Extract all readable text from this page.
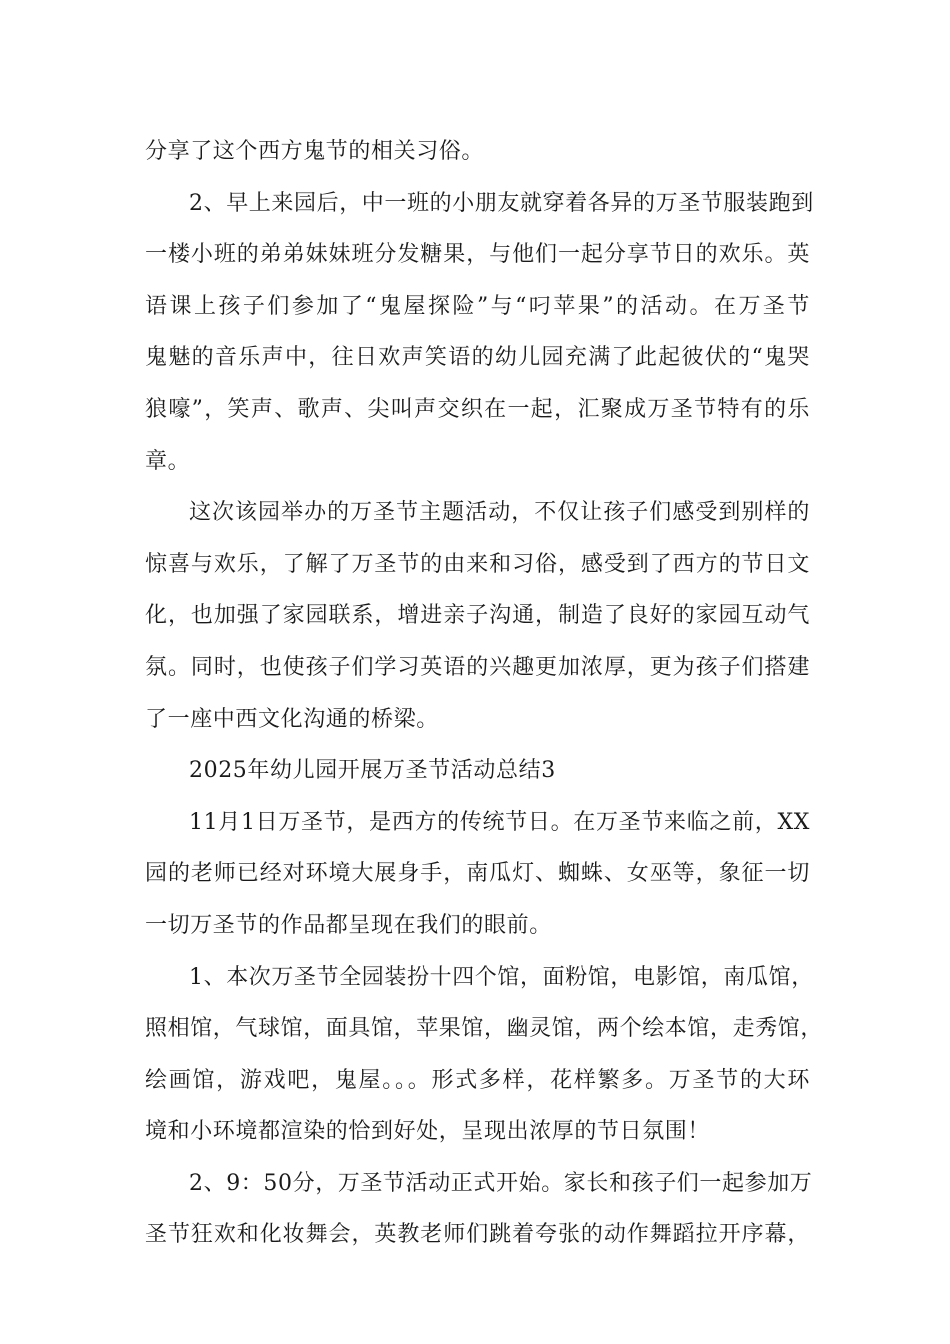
分享了这个西方鬼节的相关习俗。
2、早上来园后，中一班的小朋友就穿着各异的万圣节服装跑到
一楼小班的弟弟妹妹班分发糖果，与他们一起分享节日的欢乐。英
语课上孩子们参加了“鬼屋探险”与“叼苹果”的活动。在万圣节
鬼魅的音乐声中，往日欢声笑语的幼儿园充满了此起彼伏的“鬼哭
狼嚎”，笑声、歌声、尖叫声交织在一起，汇聚成万圣节特有的乐
章。
这次该园举办的万圣节主题活动，不仅让孩子们感受到别样的
惊喜与欢乐，了解了万圣节的由来和习俗，感受到了西方的节日文
化，也加强了家园联系，增进亲子沟通，制造了良好的家园互动气
氛。同时，也使孩子们学习英语的兴趣更加浓厚，更为孩子们搭建
了一座中西文化沟通的桥梁。
2025年幼儿园开展万圣节活动总结3
11月1日万圣节，是西方的传统节日。在万圣节来临之前，XX
园的老师已经对环境大展身手，南瓜灯、蜘蛛、女巫等，象征一切
一切万圣节的作品都呈现在我们的眼前。
1、本次万圣节全园装扮十四个馆，面粉馆，电影馆，南瓜馆，
照相馆，气球馆，面具馆，苹果馆，幽灵馆，两个绘本馆，走秀馆，
绘画馆，游戏吧，鬼屋。。。形式多样，花样繁多。万圣节的大环
境和小环境都渲染的恰到好处，呈现出浓厚的节日氛围！
2、9：50分，万圣节活动正式开始。家长和孩子们一起参加万
圣节狂欢和化妆舞会，英教老师们跳着夸张的动作舞蹈拉开序幕，
